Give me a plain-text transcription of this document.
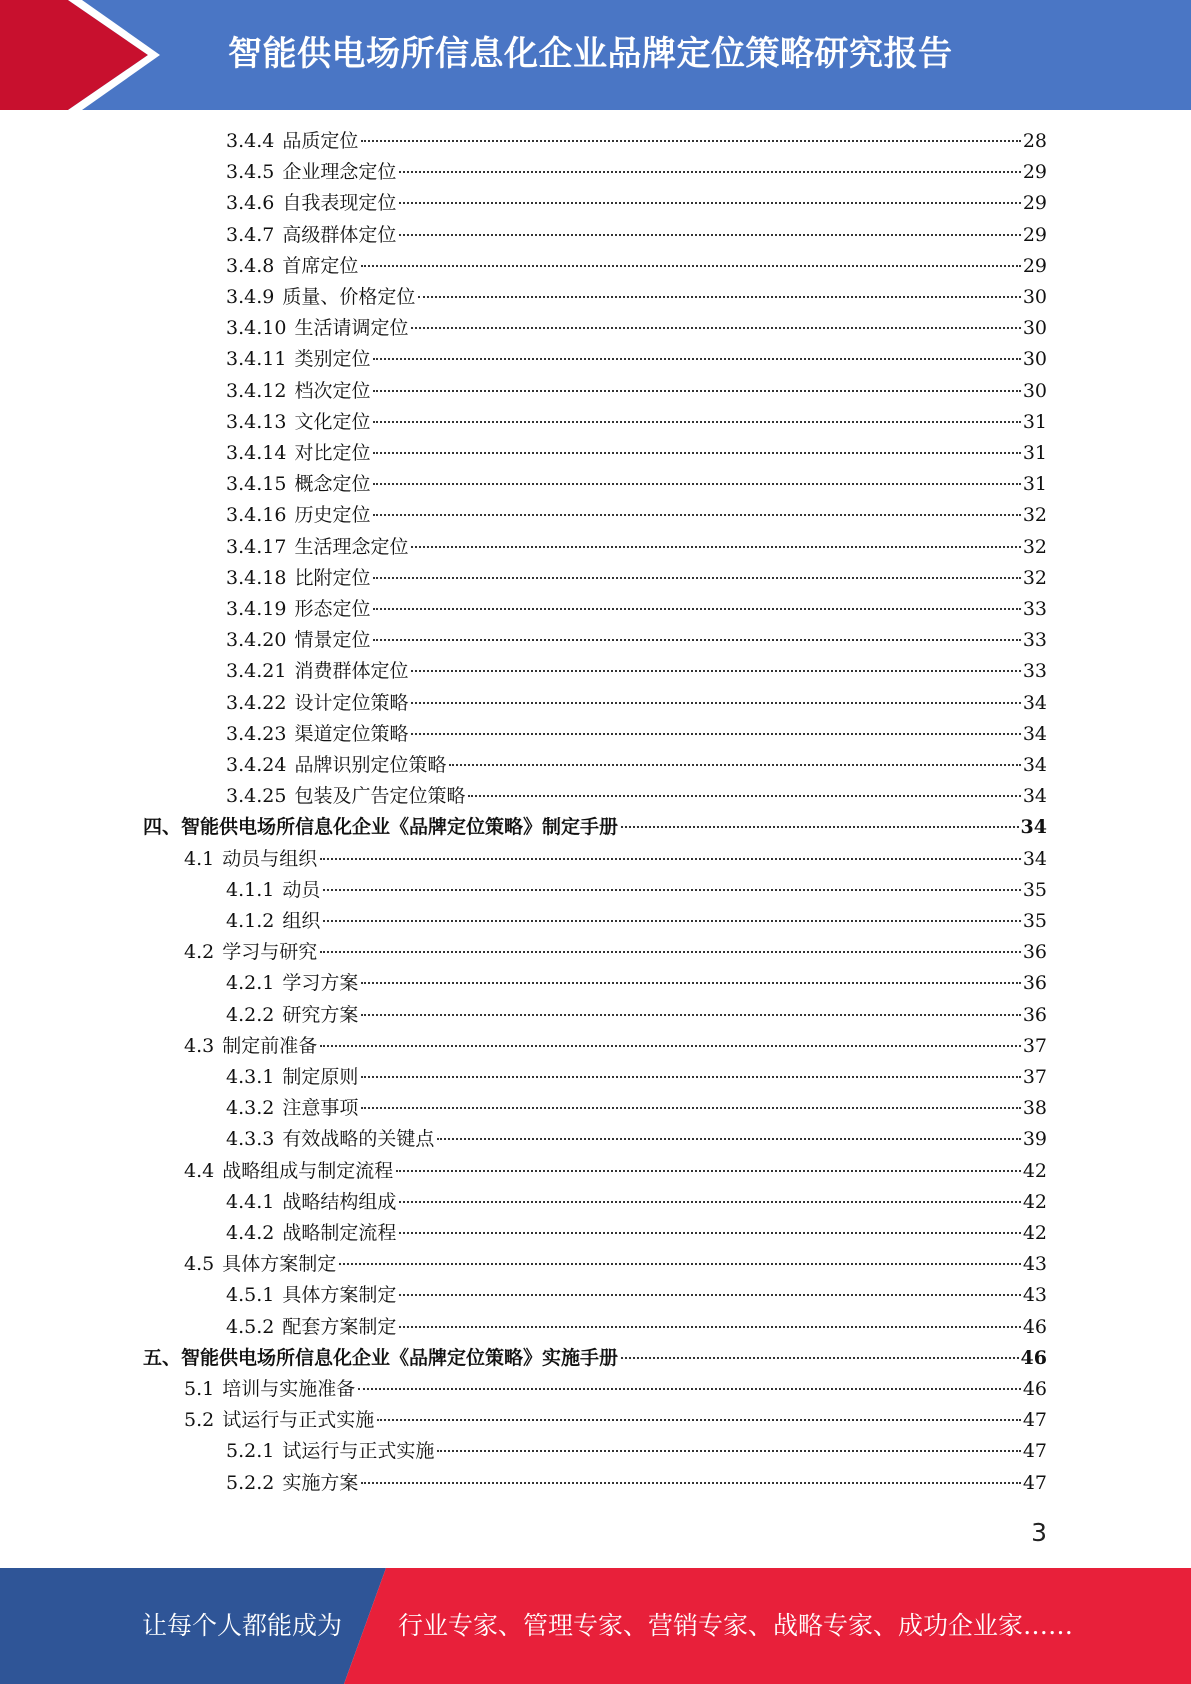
智能供电场所信息化企业品牌定位策略研究报告
3.4.4 品质定位	28
3.4.5 企业理念定位	29
3.4.6 自我表现定位	29
3.4.7 高级群体定位	29
3.4.8 首席定位	29
3.4.9 质量、价格定位	30
3.4.10 生活请调定位	30
3.4.11 类别定位	30
3.4.12 档次定位	30
3.4.13 文化定位	31
3.4.14 对比定位	31
3.4.15 概念定位	31
3.4.16 历史定位	32
3.4.17 生活理念定位	32
3.4.18 比附定位	32
3.4.19 形态定位	33
3.4.20 情景定位	33
3.4.21 消费群体定位	33
3.4.22 设计定位策略	34
3.4.23 渠道定位策略	34
3.4.24 品牌识别定位策略	34
3.4.25 包装及广告定位策略	34
四、智能供电场所信息化企业《品牌定位策略》制定手册	34
4.1 动员与组织	34
4.1.1 动员	35
4.1.2 组织	35
4.2 学习与研究	36
4.2.1 学习方案	36
4.2.2 研究方案	36
4.3 制定前准备	37
4.3.1 制定原则	37
4.3.2 注意事项	38
4.3.3 有效战略的关键点	39
4.4 战略组成与制定流程	42
4.4.1 战略结构组成	42
4.4.2 战略制定流程	42
4.5 具体方案制定	43
4.5.1 具体方案制定	43
4.5.2 配套方案制定	46
五、智能供电场所信息化企业《品牌定位策略》实施手册	46
5.1 培训与实施准备	46
5.2 试运行与正式实施	47
5.2.1 试运行与正式实施	47
5.2.2 实施方案	47
3
让每个人都能成为 行业专家、管理专家、营销专家、战略专家、成功企业家……
